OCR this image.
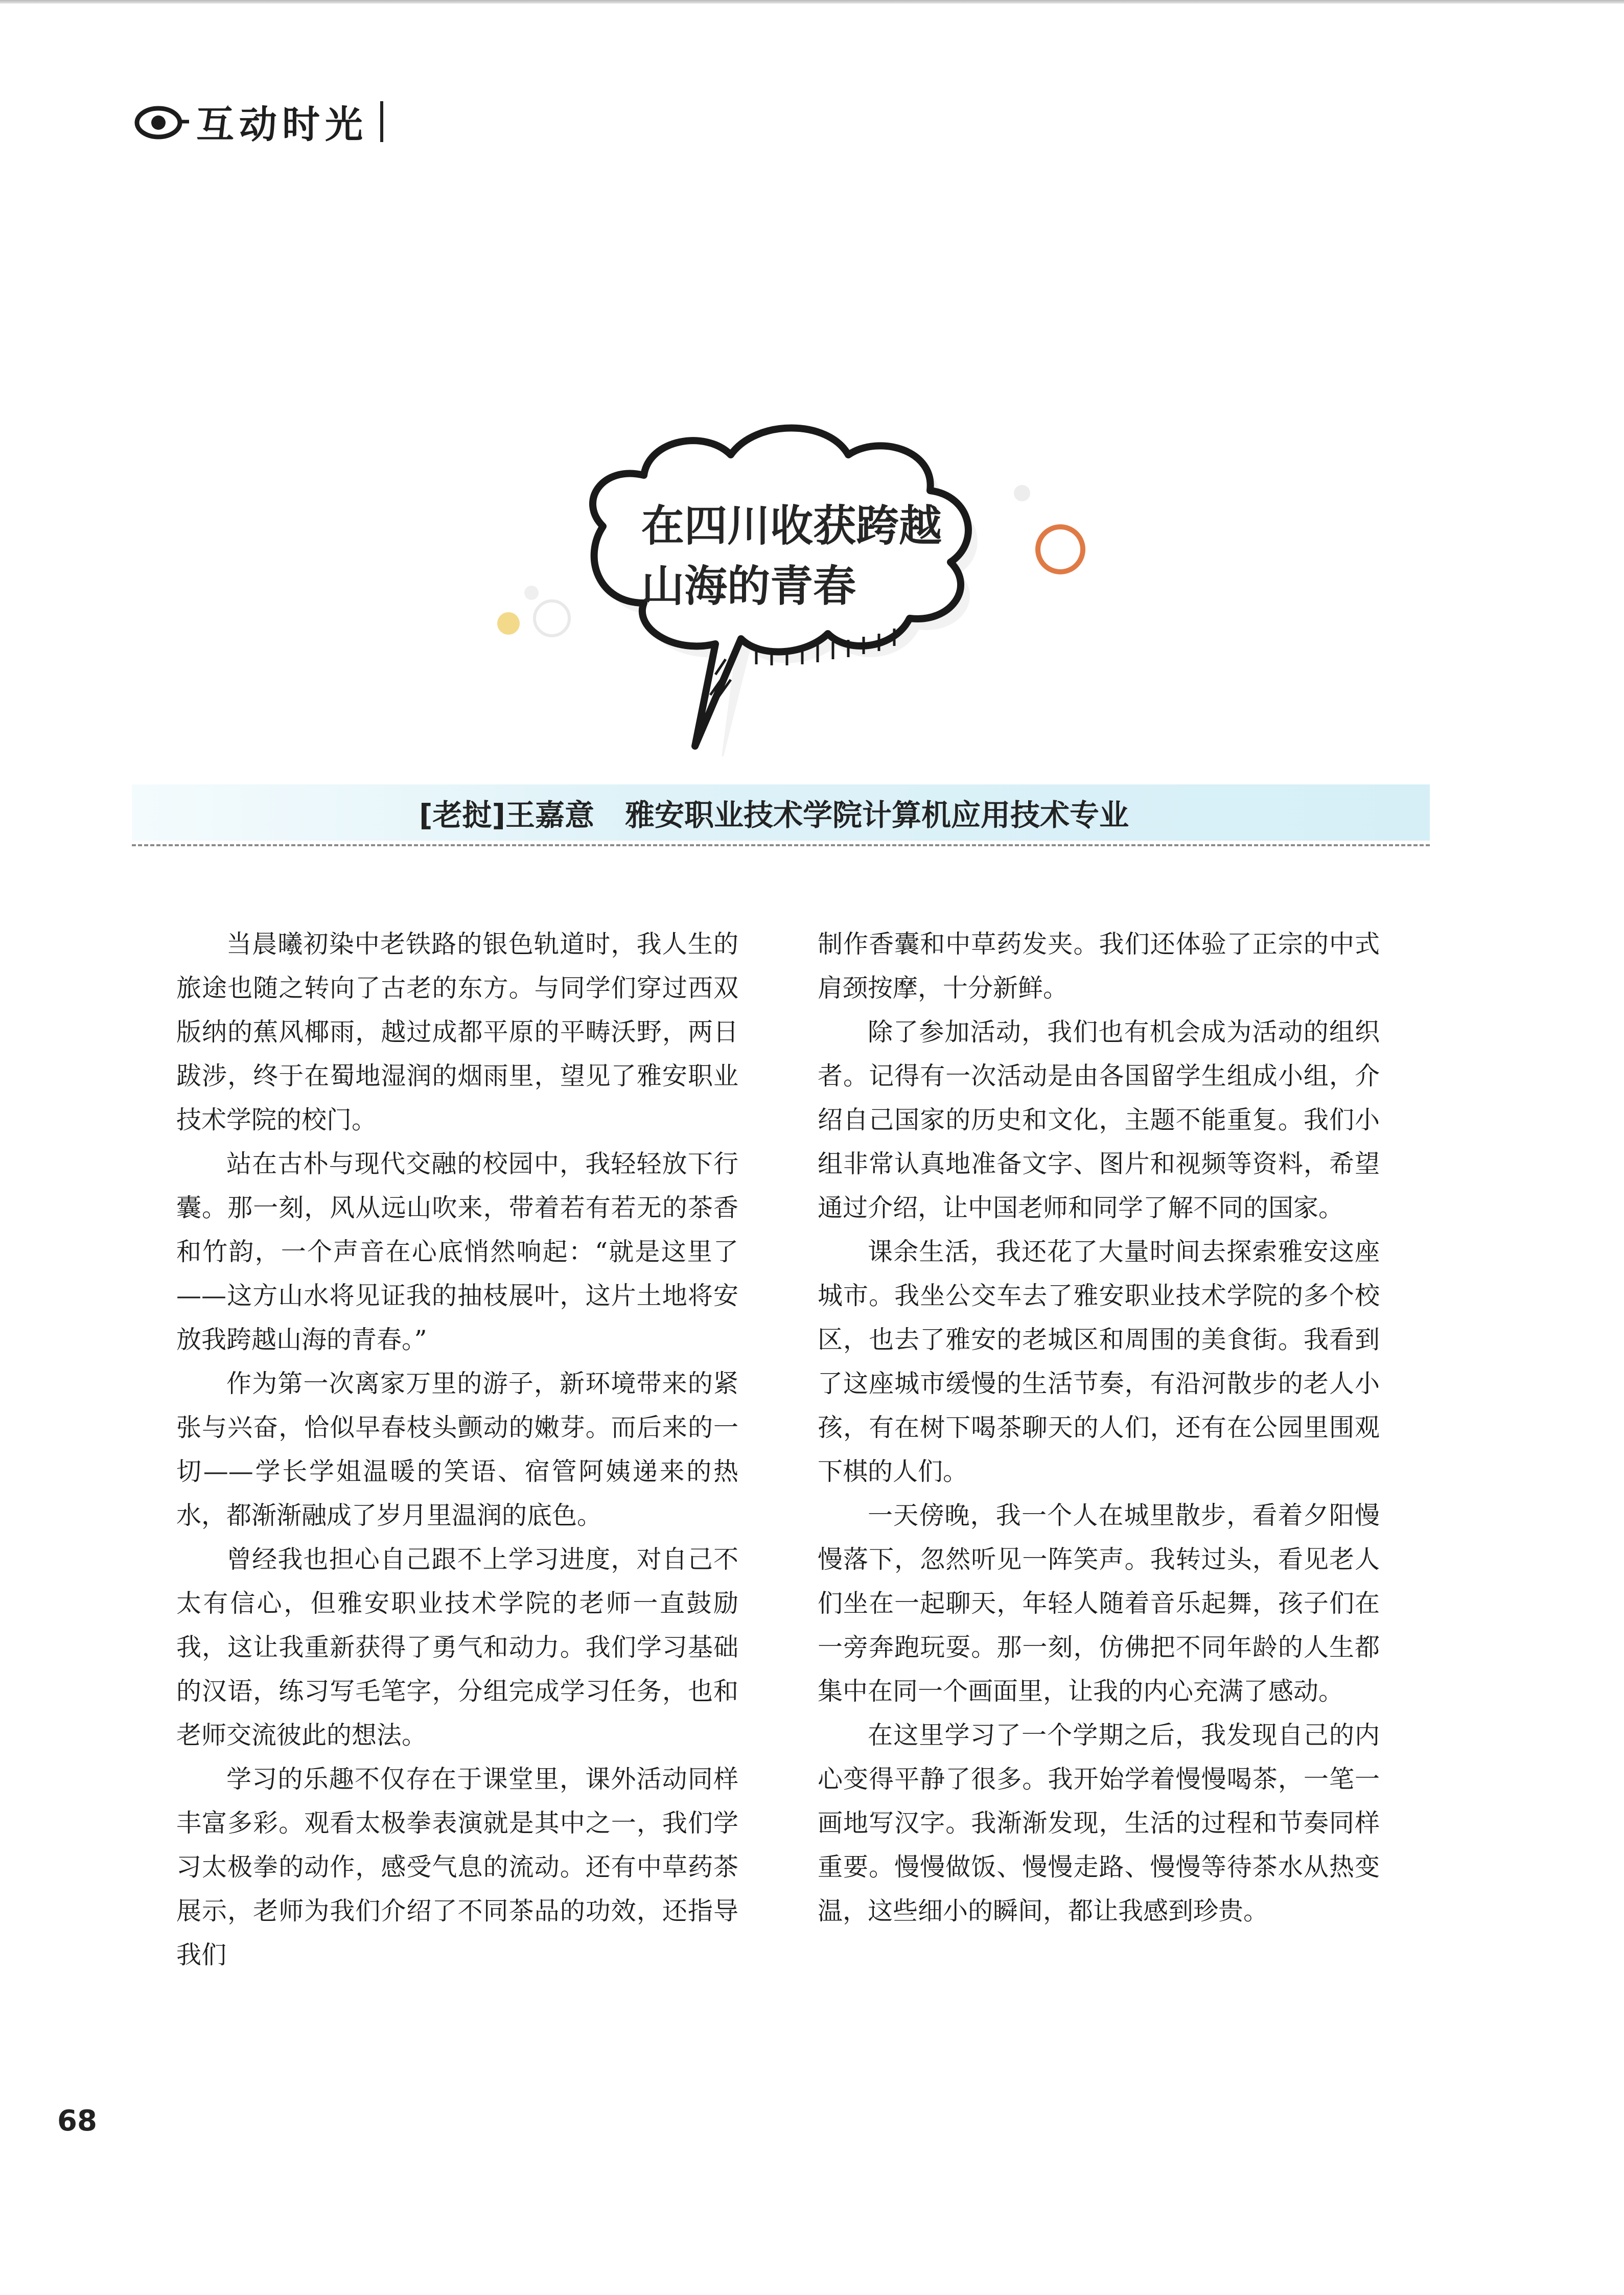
互动时光
在四川收获跨越
山海的青春
[老挝]王嘉意 雅安职业技术学院计算机应用技术专业

当晨曦初染中老铁路的银色轨道时，我人生的旅途也随之转向了古老的东方。与同学们穿过西双版纳的蕉风椰雨，越过成都平原的平畴沃野，两日跋涉，终于在蜀地湿润的烟雨里，望见了雅安职业技术学院的校门。

站在古朴与现代交融的校园中，我轻轻放下行囊。那一刻，风从远山吹来，带着若有若无的茶香和竹韵，一个声音在心底悄然响起：“就是这里了——这方山水将见证我的抽枝展叶，这片土地将安放我跨越山海的青春。”

作为第一次离家万里的游子，新环境带来的紧张与兴奋，恰似早春枝头颤动的嫩芽。而后来的一切——学长学姐温暖的笑语、宿管阿姨递来的热水，都渐渐融成了岁月里温润的底色。

曾经我也担心自己跟不上学习进度，对自己不太有信心，但雅安职业技术学院的老师一直鼓励我，这让我重新获得了勇气和动力。我们学习基础的汉语，练习写毛笔字，分组完成学习任务，也和老师交流彼此的想法。

学习的乐趣不仅存在于课堂里，课外活动同样丰富多彩。观看太极拳表演就是其中之一，我们学习太极拳的动作，感受气息的流动。还有中草药茶展示，老师为我们介绍了不同茶品的功效，还指导我们

制作香囊和中草药发夹。我们还体验了正宗的中式肩颈按摩，十分新鲜。

除了参加活动，我们也有机会成为活动的组织者。记得有一次活动是由各国留学生组成小组，介绍自己国家的历史和文化，主题不能重复。我们小组非常认真地准备文字、图片和视频等资料，希望通过介绍，让中国老师和同学了解不同的国家。

课余生活，我还花了大量时间去探索雅安这座城市。我坐公交车去了雅安职业技术学院的多个校区，也去了雅安的老城区和周围的美食街。我看到了这座城市缓慢的生活节奏，有沿河散步的老人小孩，有在树下喝茶聊天的人们，还有在公园里围观下棋的人们。

一天傍晚，我一个人在城里散步，看着夕阳慢慢落下，忽然听见一阵笑声。我转过头，看见老人们坐在一起聊天，年轻人随着音乐起舞，孩子们在一旁奔跑玩耍。那一刻，仿佛把不同年龄的人生都集中在同一个画面里，让我的内心充满了感动。

在这里学习了一个学期之后，我发现自己的内心变得平静了很多。我开始学着慢慢喝茶，一笔一画地写汉字。我渐渐发现，生活的过程和节奏同样重要。慢慢做饭、慢慢走路、慢慢等待茶水从热变温，这些细小的瞬间，都让我感到珍贵。

68
